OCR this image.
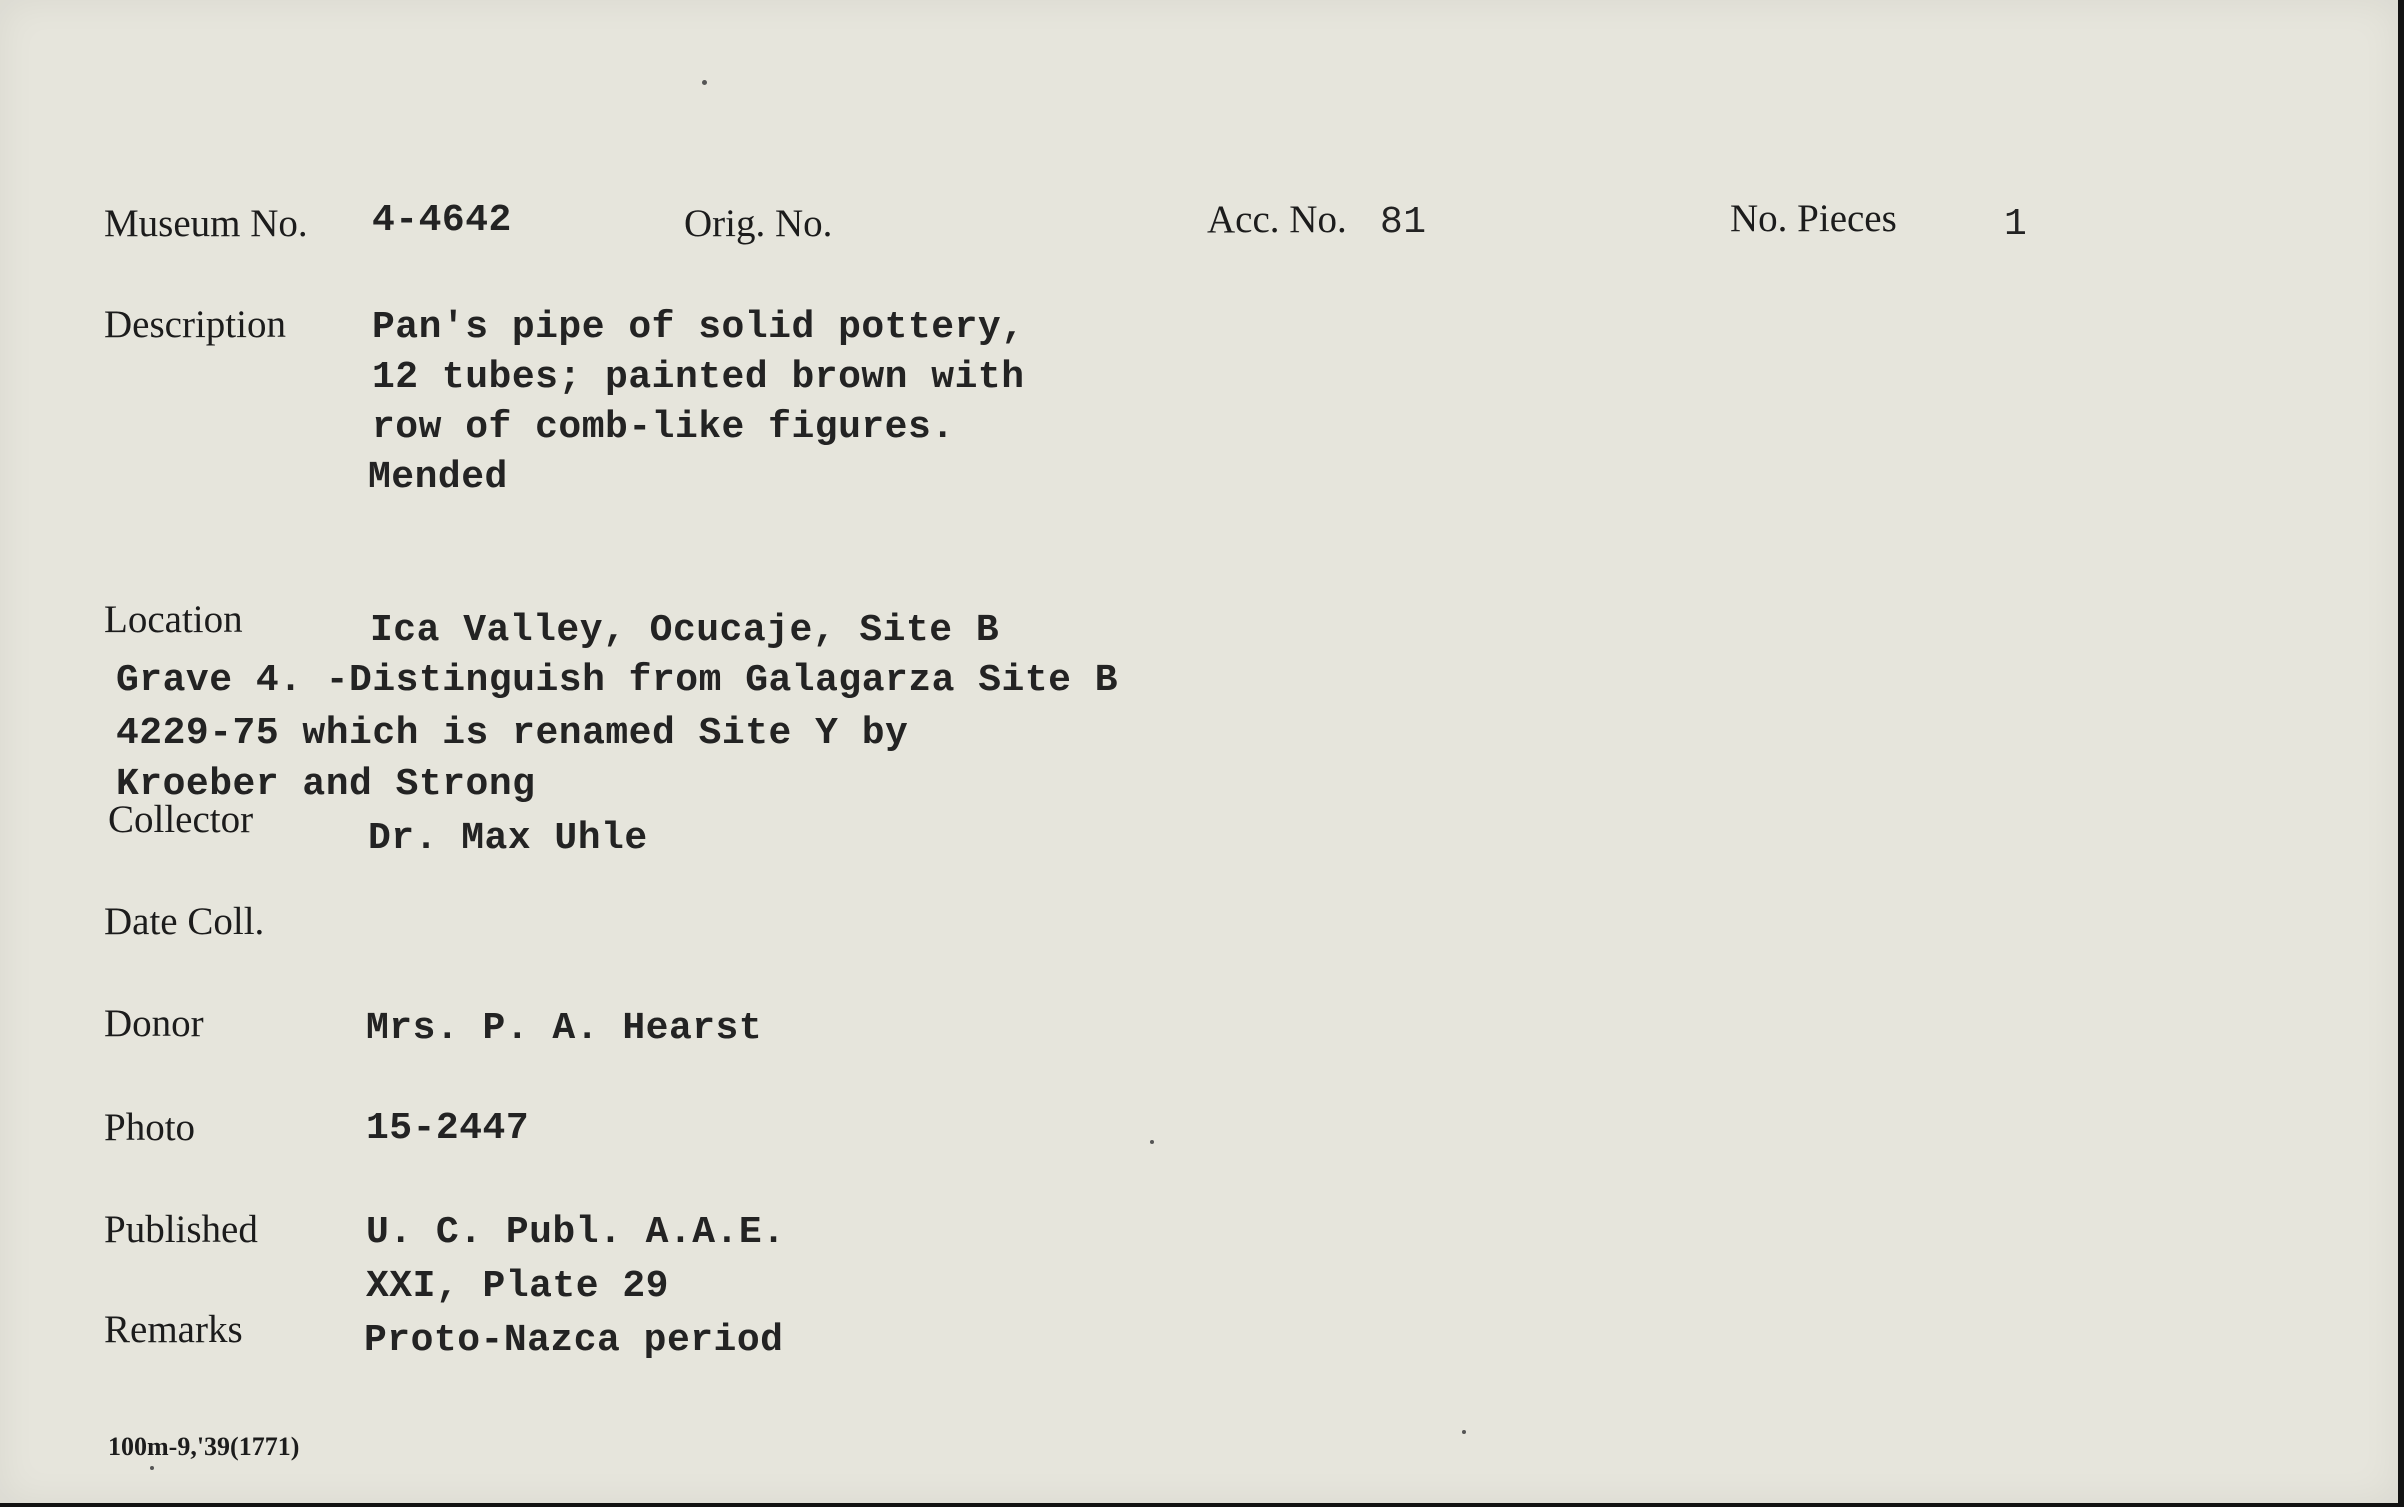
Museum No. 4-4642	Orig. No.	Acc. No. 81	No. Pieces	1
Description Pan's pipe of solid pottery,
12 tubes; painted brown with
row of comb-like figures.
Mended
Location	Ica Valley, Ocucaje, Site B
Grave 4. -Distinguish from Galagarza Site B
4229-75 which is renamed Site Y by
Kroeber and Strong
Collector	Dr. Max Uhle
Date Coll.
Donor	Mrs. P. A. Hearst
Photo	15-2447
Published	U. C. Publ. A.A.E.
XXI, Plate 29
Remarks	Proto-Nazca period
100m-9,'39(1771)
